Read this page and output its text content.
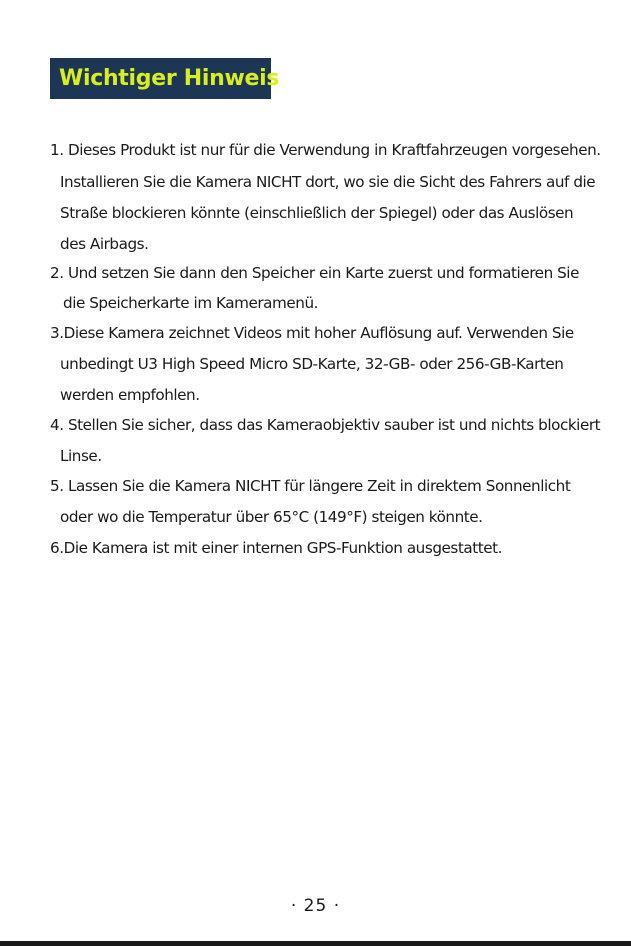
Wichtiger Hinweis
1. Dieses Produkt ist nur für die Verwendung in Kraftfahrzeugen vorgesehen.
Installieren Sie die Kamera NICHT dort, wo sie die Sicht des Fahrers auf die
Straße blockieren könnte (einschließlich der Spiegel) oder das Auslösen
des Airbags.
2. Und setzen Sie dann den Speicher ein Karte zuerst und formatieren Sie
die Speicherkarte im Kameramenü.
3.Diese Kamera zeichnet Videos mit hoher Auflösung auf. Verwenden Sie
unbedingt U3 High Speed Micro SD-Karte, 32-GB- oder 256-GB-Karten
werden empfohlen.
4. Stellen Sie sicher, dass das Kameraobjektiv sauber ist und nichts blockiert
Linse.
5. Lassen Sie die Kamera NICHT für längere Zeit in direktem Sonnenlicht
oder wo die Temperatur über 65°C (149°F) steigen könnte.
6.Die Kamera ist mit einer internen GPS-Funktion ausgestattet.
· 25 ·
